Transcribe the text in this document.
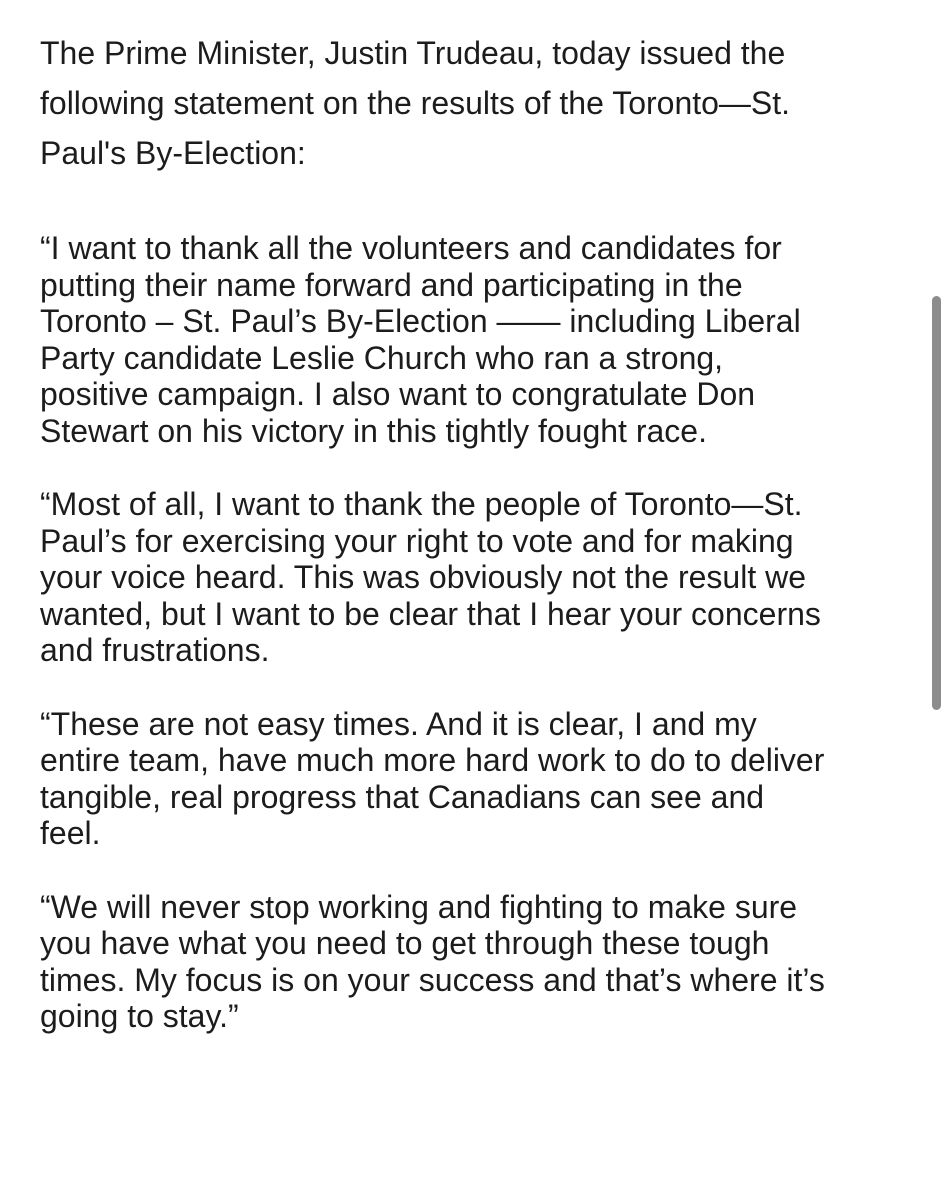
The Prime Minister, Justin Trudeau, today issued the
following statement on the results of the Toronto—St.
Paul's By-Election:

“I want to thank all the volunteers and candidates for
putting their name forward and participating in the
Toronto – St. Paul’s By-Election —— including Liberal
Party candidate Leslie Church who ran a strong,
positive campaign. I also want to congratulate Don
Stewart on his victory in this tightly fought race.

“Most of all, I want to thank the people of Toronto—St.
Paul’s for exercising your right to vote and for making
your voice heard. This was obviously not the result we
wanted, but I want to be clear that I hear your concerns
and frustrations.

“These are not easy times. And it is clear, I and my
entire team, have much more hard work to do to deliver
tangible, real progress that Canadians can see and
feel.

“We will never stop working and fighting to make sure
you have what you need to get through these tough
times. My focus is on your success and that’s where it’s
going to stay.”
